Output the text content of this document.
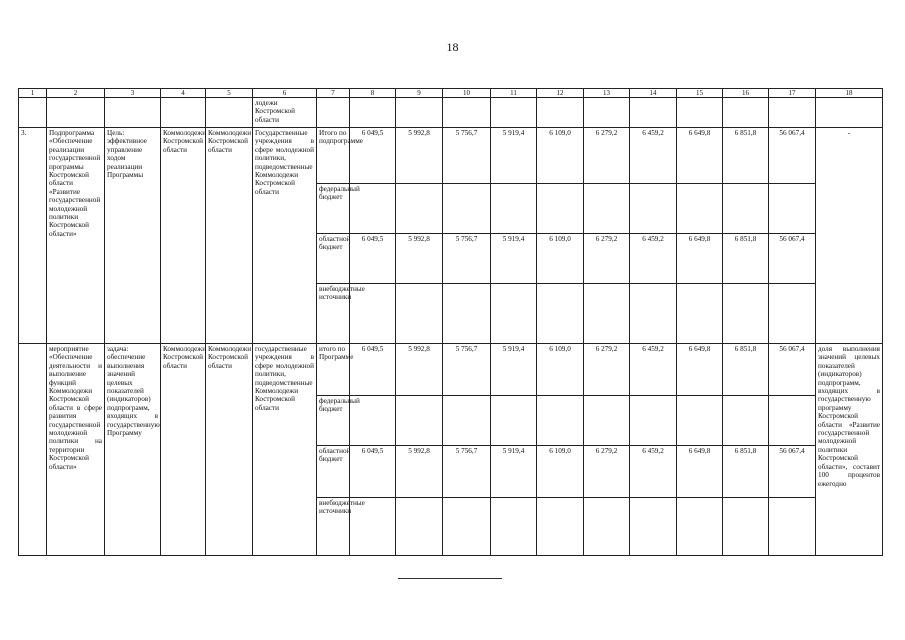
18
1	2	3	4	5	6	7	8	9	10	11	12	13	14	15	16	17	18
					лодежи Костромской области												
3.	Подпрограмма «Обеспечение реализации государственной программы Костромской области «Развитие государственной молодежной политики Костромской области»	Цель: эффективное управление ходом реализации Программы	Коммолодежи Костромской области	Коммолодежи Костромской области	Государственные учреждения в сфере молодежной политики, подведомственные Коммолодежи Костромской области	Итого по подпрограмме	6 049,5	5 992,8	5 756,7	5 919,4	6 109,0	6 279,2	6 459,2	6 649,8	6 851,8	56 067,4	-
						федеральный бюджет											
						областной бюджет	6 049,5	5 992,8	5 756,7	5 919,4	6 109,0	6 279,2	6 459,2	6 649,8	6 851,8	56 067,4	
						внебюджетные источники											
	мероприятие «Обеспечение деятельности и выполнение функций Коммолодежи Костромской области в сфере развития государственной молодежной политики на территории Костромской области»	задача: обеспечение выполнения значений целевых показателей (индикаторов) подпрограмм, входящих в государственную Программу	Коммолодежи Костромской области	Коммолодежи Костромской области	государственные учреждения в сфере молодежной политики, подведомственные Коммолодежи Костромской области	итого по Программе	6 049,5	5 992,8	5 756,7	5 919,4	6 109,0	6 279,2	6 459,2	6 649,8	6 851,8	56 067,4	доля выполнения значений целевых показателей (индикаторов) подпрограмм, входящих в государственную программу Костромской области «Развитие государственной молодежной политики Костромской области», составит 100 процентов ежегодно
						федеральный бюджет											
						областной бюджет	6 049,5	5 992,8	5 756,7	5 919,4	6 109,0	6 279,2	6 459,2	6 649,8	6 851,8	56 067,4	
						внебюджетные источники											
